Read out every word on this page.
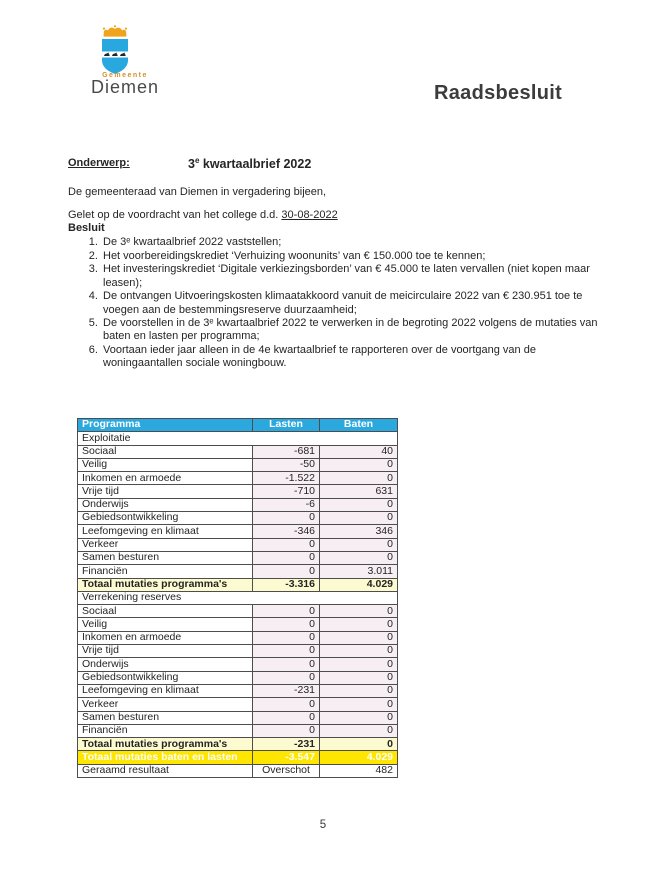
Gemeente
Diemen	Raadsbesluit
Onderwerp:	3e kwartaalbrief 2022

De gemeenteraad van Diemen in vergadering bijeen,

Gelet op de voordracht van het college d.d. 30-08-2022

Besluit

1. De 3ᵉ kwartaalbrief 2022 vaststellen;
2. Het voorbereidingskrediet ‘Verhuizing woonunits’ van € 150.000 toe te kennen;
3. Het investeringskrediet ‘Digitale verkiezingsborden’ van € 45.000 te laten vervallen (niet kopen maar leasen);
4. De ontvangen Uitvoeringskosten klimaatakkoord vanuit de meicirculaire 2022 van € 230.951 toe te voegen aan de bestemmingsreserve duurzaamheid;
5. De voorstellen in de 3ᵉ kwartaalbrief 2022 te verwerken in de begroting 2022 volgens de mutaties van baten en lasten per programma;
6. Voortaan ieder jaar alleen in de 4e kwartaalbrief te rapporteren over de voortgang van de woningaantallen sociale woningbouw.
Programma	Lasten	Baten
Exploitatie		
Sociaal	-681	40
Veilig	-50	0
Inkomen en armoede	-1.522	0
Vrije tijd	-710	631
Onderwijs	-6	0
Gebiedsontwikkeling	0	0
Leefomgeving en klimaat	-346	346
Verkeer	0	0
Samen besturen	0	0
Financiën	0	3.011
Totaal mutaties programma's	-3.316	4.029
Verrekening reserves		
Sociaal	0	0
Veilig	0	0
Inkomen en armoede	0	0
Vrije tijd	0	0
Onderwijs	0	0
Gebiedsontwikkeling	0	0
Leefomgeving en klimaat	-231	0
Verkeer	0	0
Samen besturen	0	0
Financiën	0	0
Totaal mutaties programma's	-231	0
Totaal mutaties baten en lasten	-3.547	4.029
Geraamd resultaat	Overschot	482
5
